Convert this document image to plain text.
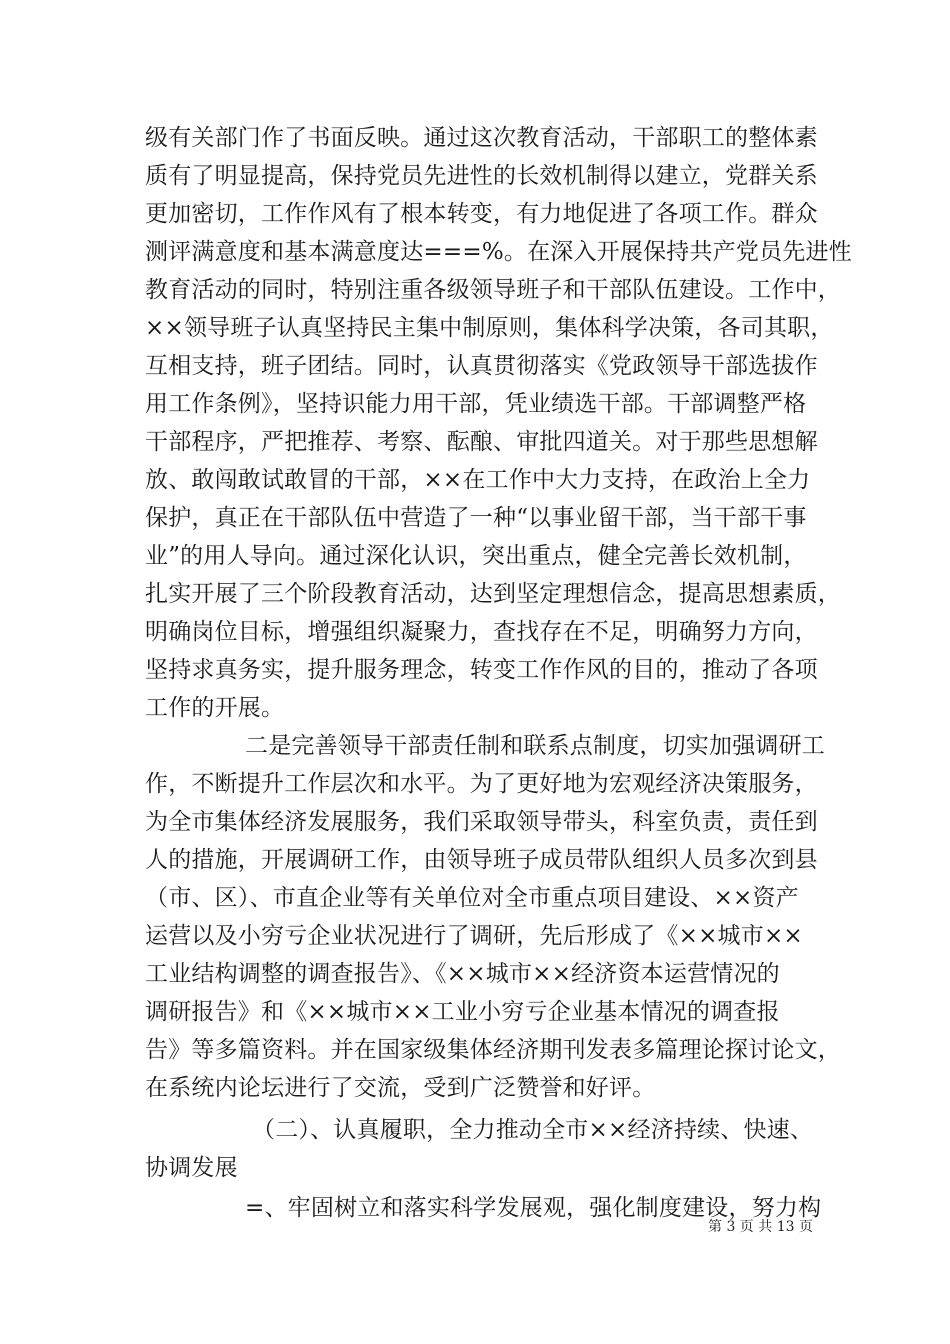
级有关部门作了书面反映。通过这次教育活动，干部职工的整体素
质有了明显提高，保持党员先进性的长效机制得以建立，党群关系
更加密切，工作作风有了根本转变，有力地促进了各项工作。群众
测评满意度和基本满意度达===%。在深入开展保持共产党员先进性
教育活动的同时，特别注重各级领导班子和干部队伍建设。工作中，
××领导班子认真坚持民主集中制原则，集体科学决策，各司其职，
互相支持，班子团结。同时，认真贯彻落实《党政领导干部选拔作
用工作条例》，坚持识能力用干部，凭业绩选干部。干部调整严格
干部程序，严把推荐、考察、酝酿、审批四道关。对于那些思想解
放、敢闯敢试敢冒的干部，××在工作中大力支持，在政治上全力
保护，真正在干部队伍中营造了一种“以事业留干部，当干部干事
业”的用人导向。通过深化认识，突出重点，健全完善长效机制，
扎实开展了三个阶段教育活动，达到坚定理想信念，提高思想素质，
明确岗位目标，增强组织凝聚力，查找存在不足，明确努力方向，
坚持求真务实，提升服务理念，转变工作作风的目的，推动了各项
工作的开展。
二是完善领导干部责任制和联系点制度，切实加强调研工
作，不断提升工作层次和水平。为了更好地为宏观经济决策服务，
为全市集体经济发展服务，我们采取领导带头，科室负责，责任到
人的措施，开展调研工作，由领导班子成员带队组织人员多次到县
（市、区）、市直企业等有关单位对全市重点项目建设、××资产
运营以及小穷亏企业状况进行了调研，先后形成了《××城市××
工业结构调整的调查报告》、《××城市××经济资本运营情况的
调研报告》和《××城市××工业小穷亏企业基本情况的调查报
告》等多篇资料。并在国家级集体经济期刊发表多篇理论探讨论文，
在系统内论坛进行了交流，受到广泛赞誉和好评。
（二）、认真履职，全力推动全市××经济持续、快速、
协调发展
=、牢固树立和落实科学发展观，强化制度建设，努力构
第 3 页 共 13 页
